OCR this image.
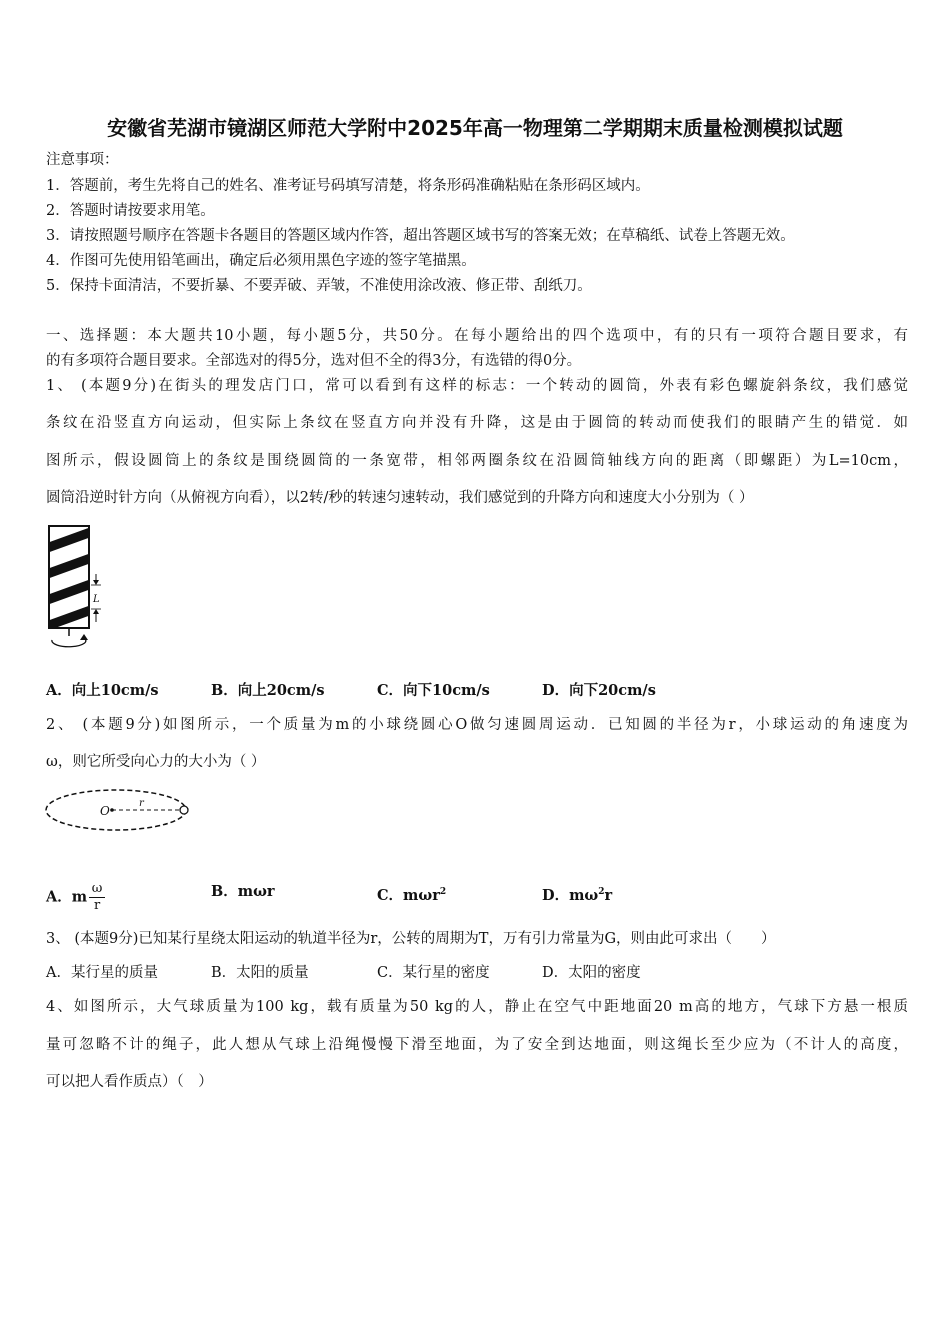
安徽省芜湖市镜湖区师范大学附中2025年高一物理第二学期期末质量检测模拟试题
注意事项：
1．答题前，考生先将自己的姓名、准考证号码填写清楚，将条形码准确粘贴在条形码区域内。
2．答题时请按要求用笔。
3．请按照题号顺序在答题卡各题目的答题区域内作答，超出答题区域书写的答案无效；在草稿纸、试卷上答题无效。
4．作图可先使用铅笔画出，确定后必须用黑色字迹的签字笔描黑。
5．保持卡面清洁，不要折暴、不要弄破、弄皱，不准使用涂改液、修正带、刮纸刀。
一、选择题：本大题共10小题，每小题5分，共50分。在每小题给出的四个选项中，有的只有一项符合题目要求，有
的有多项符合题目要求。全部选对的得5分，选对但不全的得3分，有选错的得0分。
1、 (本题9分)在街头的理发店门口，常可以看到有这样的标志：一个转动的圆筒，外表有彩色螺旋斜条纹，我们感觉
条纹在沿竖直方向运动，但实际上条纹在竖直方向并没有升降，这是由于圆筒的转动而使我们的眼睛产生的错觉．如
图所示，假设圆筒上的条纹是围绕圆筒的一条宽带，相邻两圈条纹在沿圆筒轴线方向的距离（即螺距）为L=10cm，
圆筒沿逆时针方向（从俯视方向看），以2转/秒的转速匀速转动，我们感觉到的升降方向和速度大小分别为（ ）
L
A．向上10cm/s	B．向上20cm/s	C．向下10cm/s	D．向下20cm/s
2、 (本题9分)如图所示，一个质量为m的小球绕圆心O做匀速圆周运动．已知圆的半径为r，小球运动的角速度为
ω，则它所受向心力的大小为（ ）
O
r
A．m $\frac{\omega}{r}$	B．mωr	C．mωr$^2$	D．$m\omega^2r$
3、 (本题9分)已知某行星绕太阳运动的轨道半径为r，公转的周期为T，万有引力常量为G，则由此可求出（　　）
A．某行星的质量	B．太阳的质量	C．某行星的密度	D．太阳的密度
4、如图所示，大气球质量为100 kg，载有质量为50 kg的人，静止在空气中距地面20 m高的地方，气球下方悬一根质
量可忽略不计的绳子，此人想从气球上沿绳慢慢下滑至地面，为了安全到达地面，则这绳长至少应为（不计人的高度，
可以把人看作质点）（　）
